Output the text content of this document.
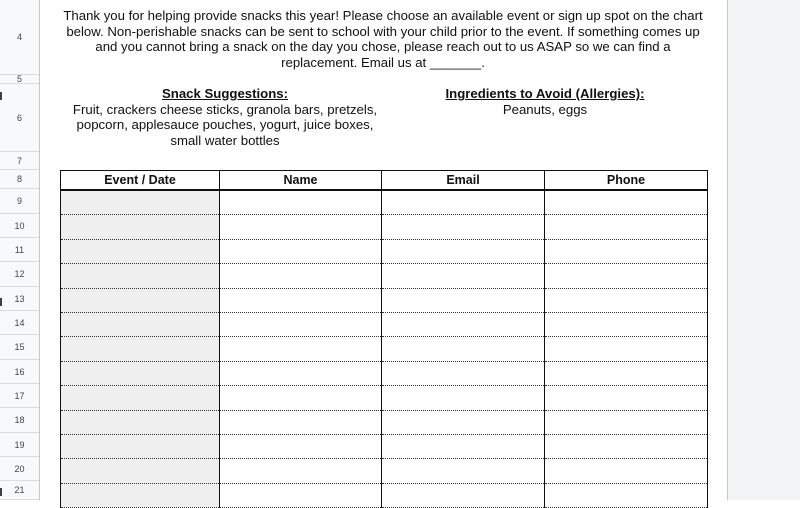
4
5
6
7
8
9
10
11
12
13
14
15
16
17
18
19
20
21
Thank you for helping provide snacks this year! Please choose an available event or sign up spot on the chart below. Non-perishable snacks can be sent to school with your child prior to the event. If something comes up and you cannot bring a snack on the day you chose, please reach out to us ASAP so we can find a replacement. Email us at _______.
Snack Suggestions:
Fruit, crackers cheese sticks, granola bars, pretzels, popcorn, applesauce pouches, yogurt, juice boxes, small water bottles
Ingredients to Avoid (Allergies):
Peanuts, eggs
Event / Date	Name	Email	Phone
